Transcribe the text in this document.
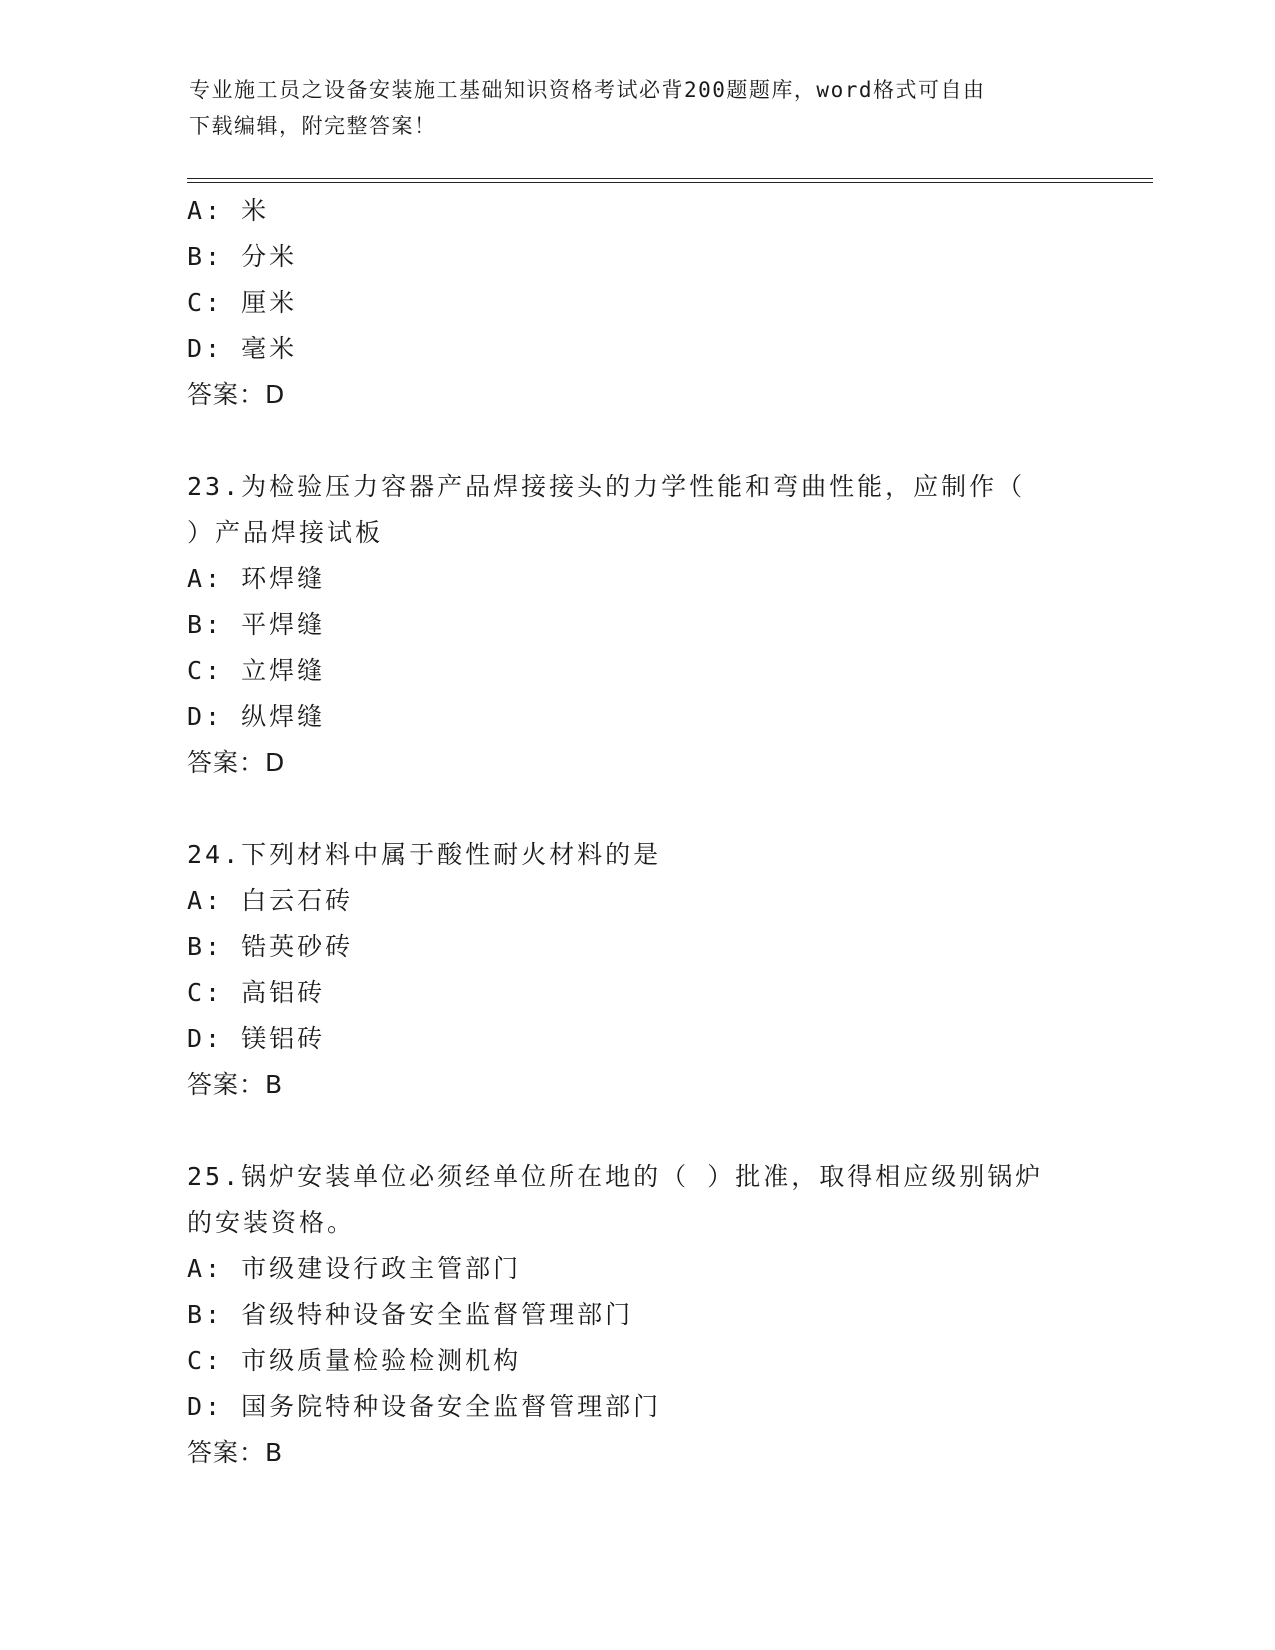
专业施工员之设备安装施工基础知识资格考试必背200题题库，word格式可自由
下载编辑，附完整答案！
A: 米
B: 分米
C: 厘米
D: 毫米
答案：D
23.为检验压力容器产品焊接接头的力学性能和弯曲性能，应制作（
）产品焊接试板
A: 环焊缝
B: 平焊缝
C: 立焊缝
D: 纵焊缝
答案：D
24.下列材料中属于酸性耐火材料的是
A: 白云石砖
B: 锆英砂砖
C: 高铝砖
D: 镁铝砖
答案：B
25.锅炉安装单位必须经单位所在地的（ ）批准，取得相应级别锅炉
的安装资格。
A: 市级建设行政主管部门
B: 省级特种设备安全监督管理部门
C: 市级质量检验检测机构
D: 国务院特种设备安全监督管理部门
答案：B
